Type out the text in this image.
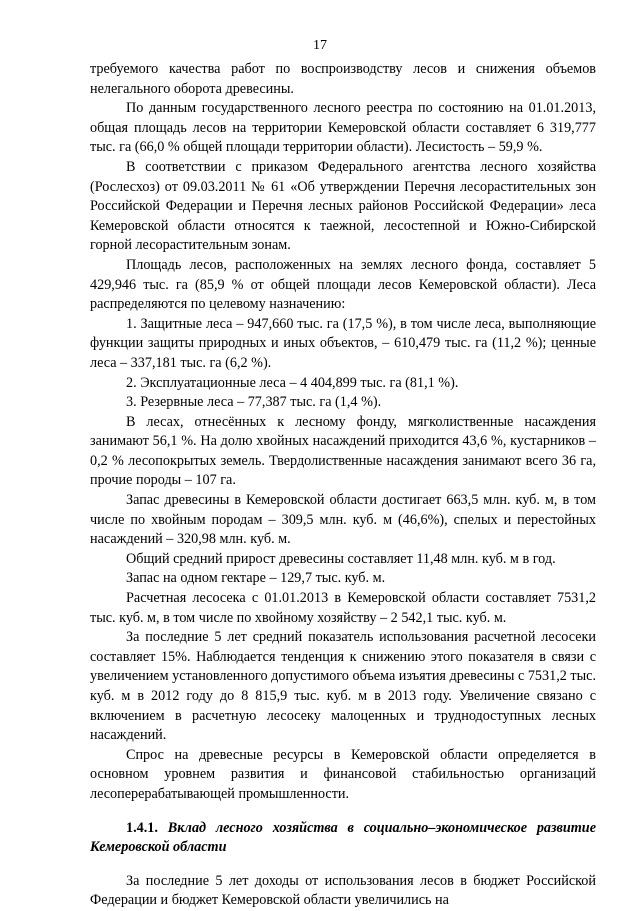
17

требуемого качества работ по воспроизводству лесов и снижения объемов нелегального оборота древесины.

По данным государственного лесного реестра по состоянию на 01.01.2013, общая площадь лесов на территории Кемеровской области составляет 6 319,777 тыс. га (66,0 % общей площади территории области). Лесистость – 59,9 %.

В соответствии с приказом Федерального агентства лесного хозяйства (Рослесхоз) от 09.03.2011 № 61 «Об утверждении Перечня лесорастительных зон Российской Федерации и Перечня лесных районов Российской Федерации» леса Кемеровской области относятся к таежной, лесостепной и Южно-Сибирской горной лесорастительным зонам.

Площадь лесов, расположенных на землях лесного фонда, составляет 5 429,946 тыс. га (85,9 % от общей площади лесов Кемеровской области). Леса распределяются по целевому назначению:

1. Защитные леса – 947,660 тыс. га (17,5 %), в том числе леса, выполняющие функции защиты природных и иных объектов, – 610,479 тыс. га (11,2 %); ценные леса – 337,181 тыс. га (6,2 %).

2. Эксплуатационные леса – 4 404,899 тыс. га (81,1 %).

3. Резервные леса – 77,387 тыс. га (1,4 %).

В лесах, отнесённых к лесному фонду, мягколиственные насаждения занимают 56,1 %. На долю хвойных насаждений приходится 43,6 %, кустарников – 0,2 % лесопокрытых земель. Твердолиственные насаждения занимают всего 36 га, прочие породы – 107 га.

Запас древесины в Кемеровской области достигает 663,5 млн. куб. м, в том числе по хвойным породам – 309,5 млн. куб. м (46,6%), спелых и перестойных насаждений – 320,98 млн. куб. м.

Общий средний прирост древесины составляет 11,48 млн. куб. м в год.

Запас на одном гектаре – 129,7 тыс. куб. м.

Расчетная лесосека с 01.01.2013 в Кемеровской области составляет 7531,2 тыс. куб. м, в том числе по хвойному хозяйству – 2 542,1 тыс. куб. м.

За последние 5 лет средний показатель использования расчетной лесосеки составляет 15%. Наблюдается тенденция к снижению этого показателя в связи с увеличением установленного допустимого объема изъятия древесины с 7531,2 тыс. куб. м в 2012 году до 8 815,9 тыс. куб. м в 2013 году. Увеличение связано с включением в расчетную лесосеку малоценных и труднодоступных лесных насаждений.

Спрос на древесные ресурсы в Кемеровской области определяется в основном уровнем развития и финансовой стабильностью организаций лесоперерабатывающей промышленности.

1.4.1. Вклад лесного хозяйства в социально–экономическое развитие Кемеровской области

За последние 5 лет доходы от использования лесов в бюджет Российской Федерации и бюджет Кемеровской области увеличились на
